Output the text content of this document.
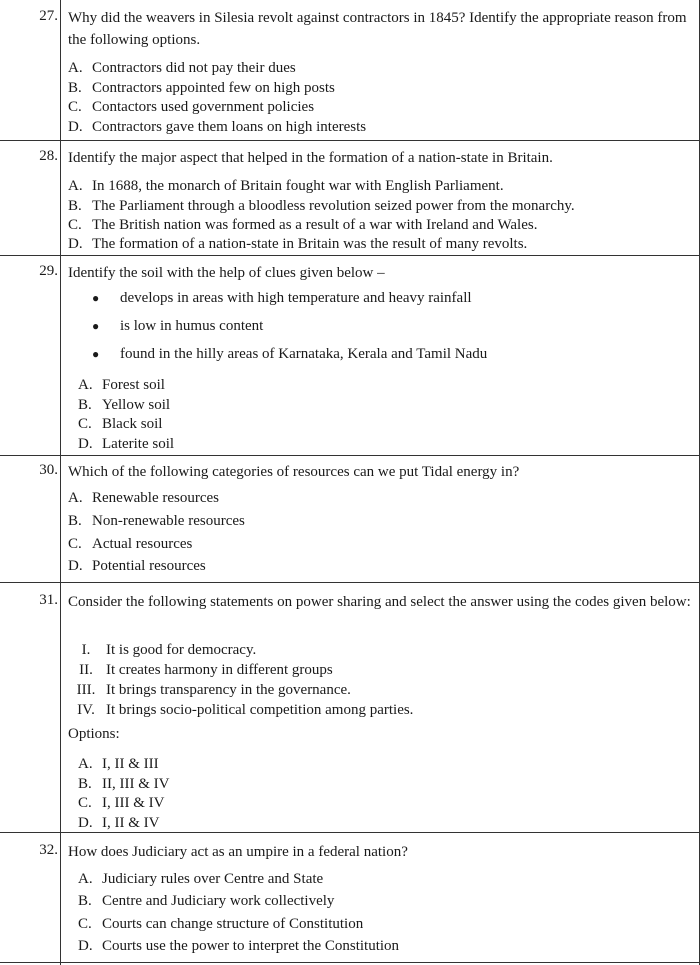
27. Why did the weavers in Silesia revolt against contractors in 1845? Identify the appropriate reason from the following options.
A. Contractors did not pay their dues
B. Contractors appointed few on high posts
C. Contactors used government policies
D. Contractors gave them loans on high interests
28. Identify the major aspect that helped in the formation of a nation-state in Britain.
A. In 1688, the monarch of Britain fought war with English Parliament.
B. The Parliament through a bloodless revolution seized power from the monarchy.
C. The British nation was formed as a result of a war with Ireland and Wales.
D. The formation of a nation-state in Britain was the result of many revolts.
29. Identify the soil with the help of clues given below –
● develops in areas with high temperature and heavy rainfall
● is low in humus content
● found in the hilly areas of Karnataka, Kerala and Tamil Nadu
A. Forest soil
B. Yellow soil
C. Black soil
D. Laterite soil
30. Which of the following categories of resources can we put Tidal energy in?
A. Renewable resources
B. Non-renewable resources
C. Actual resources
D. Potential resources
31. Consider the following statements on power sharing and select the answer using the codes given below:
I. It is good for democracy.
II. It creates harmony in different groups
III. It brings transparency in the governance.
IV. It brings socio-political competition among parties.
Options:
A. I, II & III
B. II, III & IV
C. I, III & IV
D. I, II & IV
32. How does Judiciary act as an umpire in a federal nation?
A. Judiciary rules over Centre and State
B. Centre and Judiciary work collectively
C. Courts can change structure of Constitution
D. Courts use the power to interpret the Constitution
